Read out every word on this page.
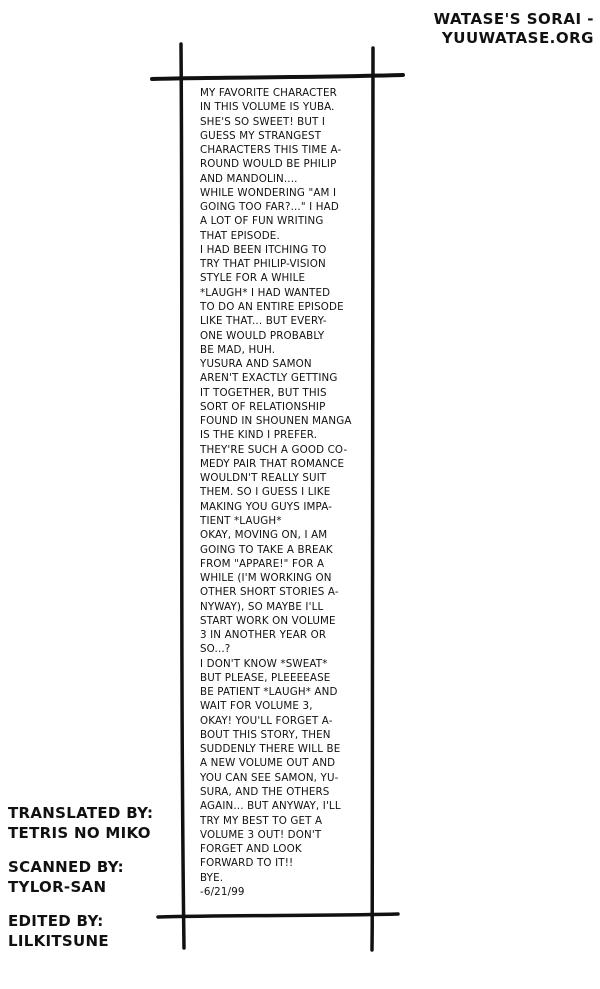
WATASE'S SORAI -
YUUWATASE.ORG
MY FAVORITE CHARACTER
IN THIS VOLUME IS YUBA.
SHE'S SO SWEET! BUT I
GUESS MY STRANGEST
CHARACTERS THIS TIME A-
ROUND WOULD BE PHILIP
AND MANDOLIN....
WHILE WONDERING "AM I
GOING TOO FAR?..." I HAD
A LOT OF FUN WRITING
THAT EPISODE.
I HAD BEEN ITCHING TO
TRY THAT PHILIP-VISION
STYLE FOR A WHILE
*LAUGH* I HAD WANTED
TO DO AN ENTIRE EPISODE
LIKE THAT... BUT EVERY-
ONE WOULD PROBABLY
BE MAD, HUH.
YUSURA AND SAMON
AREN'T EXACTLY GETTING
IT TOGETHER, BUT THIS
SORT OF RELATIONSHIP
FOUND IN SHOUNEN MANGA
IS THE KIND I PREFER.
THEY'RE SUCH A GOOD CO-
MEDY PAIR THAT ROMANCE
WOULDN'T REALLY SUIT
THEM. SO I GUESS I LIKE
MAKING YOU GUYS IMPA-
TIENT *LAUGH*
OKAY, MOVING ON, I AM
GOING TO TAKE A BREAK
FROM "APPARE!" FOR A
WHILE (I'M WORKING ON
OTHER SHORT STORIES A-
NYWAY), SO MAYBE I'LL
START WORK ON VOLUME
3 IN ANOTHER YEAR OR
SO...?
I DON'T KNOW *SWEAT*
BUT PLEASE, PLEEEEASE
BE PATIENT *LAUGH* AND
WAIT FOR VOLUME 3,
OKAY! YOU'LL FORGET A-
BOUT THIS STORY, THEN
SUDDENLY THERE WILL BE
A NEW VOLUME OUT AND
YOU CAN SEE SAMON, YU-
SURA, AND THE OTHERS
AGAIN... BUT ANYWAY, I'LL
TRY MY BEST TO GET A
VOLUME 3 OUT! DON'T
FORGET AND LOOK
FORWARD TO IT!!
BYE.
-6/21/99
TRANSLATED BY:
TETRIS NO MIKO
SCANNED BY:
TYLOR-SAN
EDITED BY:
LILKITSUNE
